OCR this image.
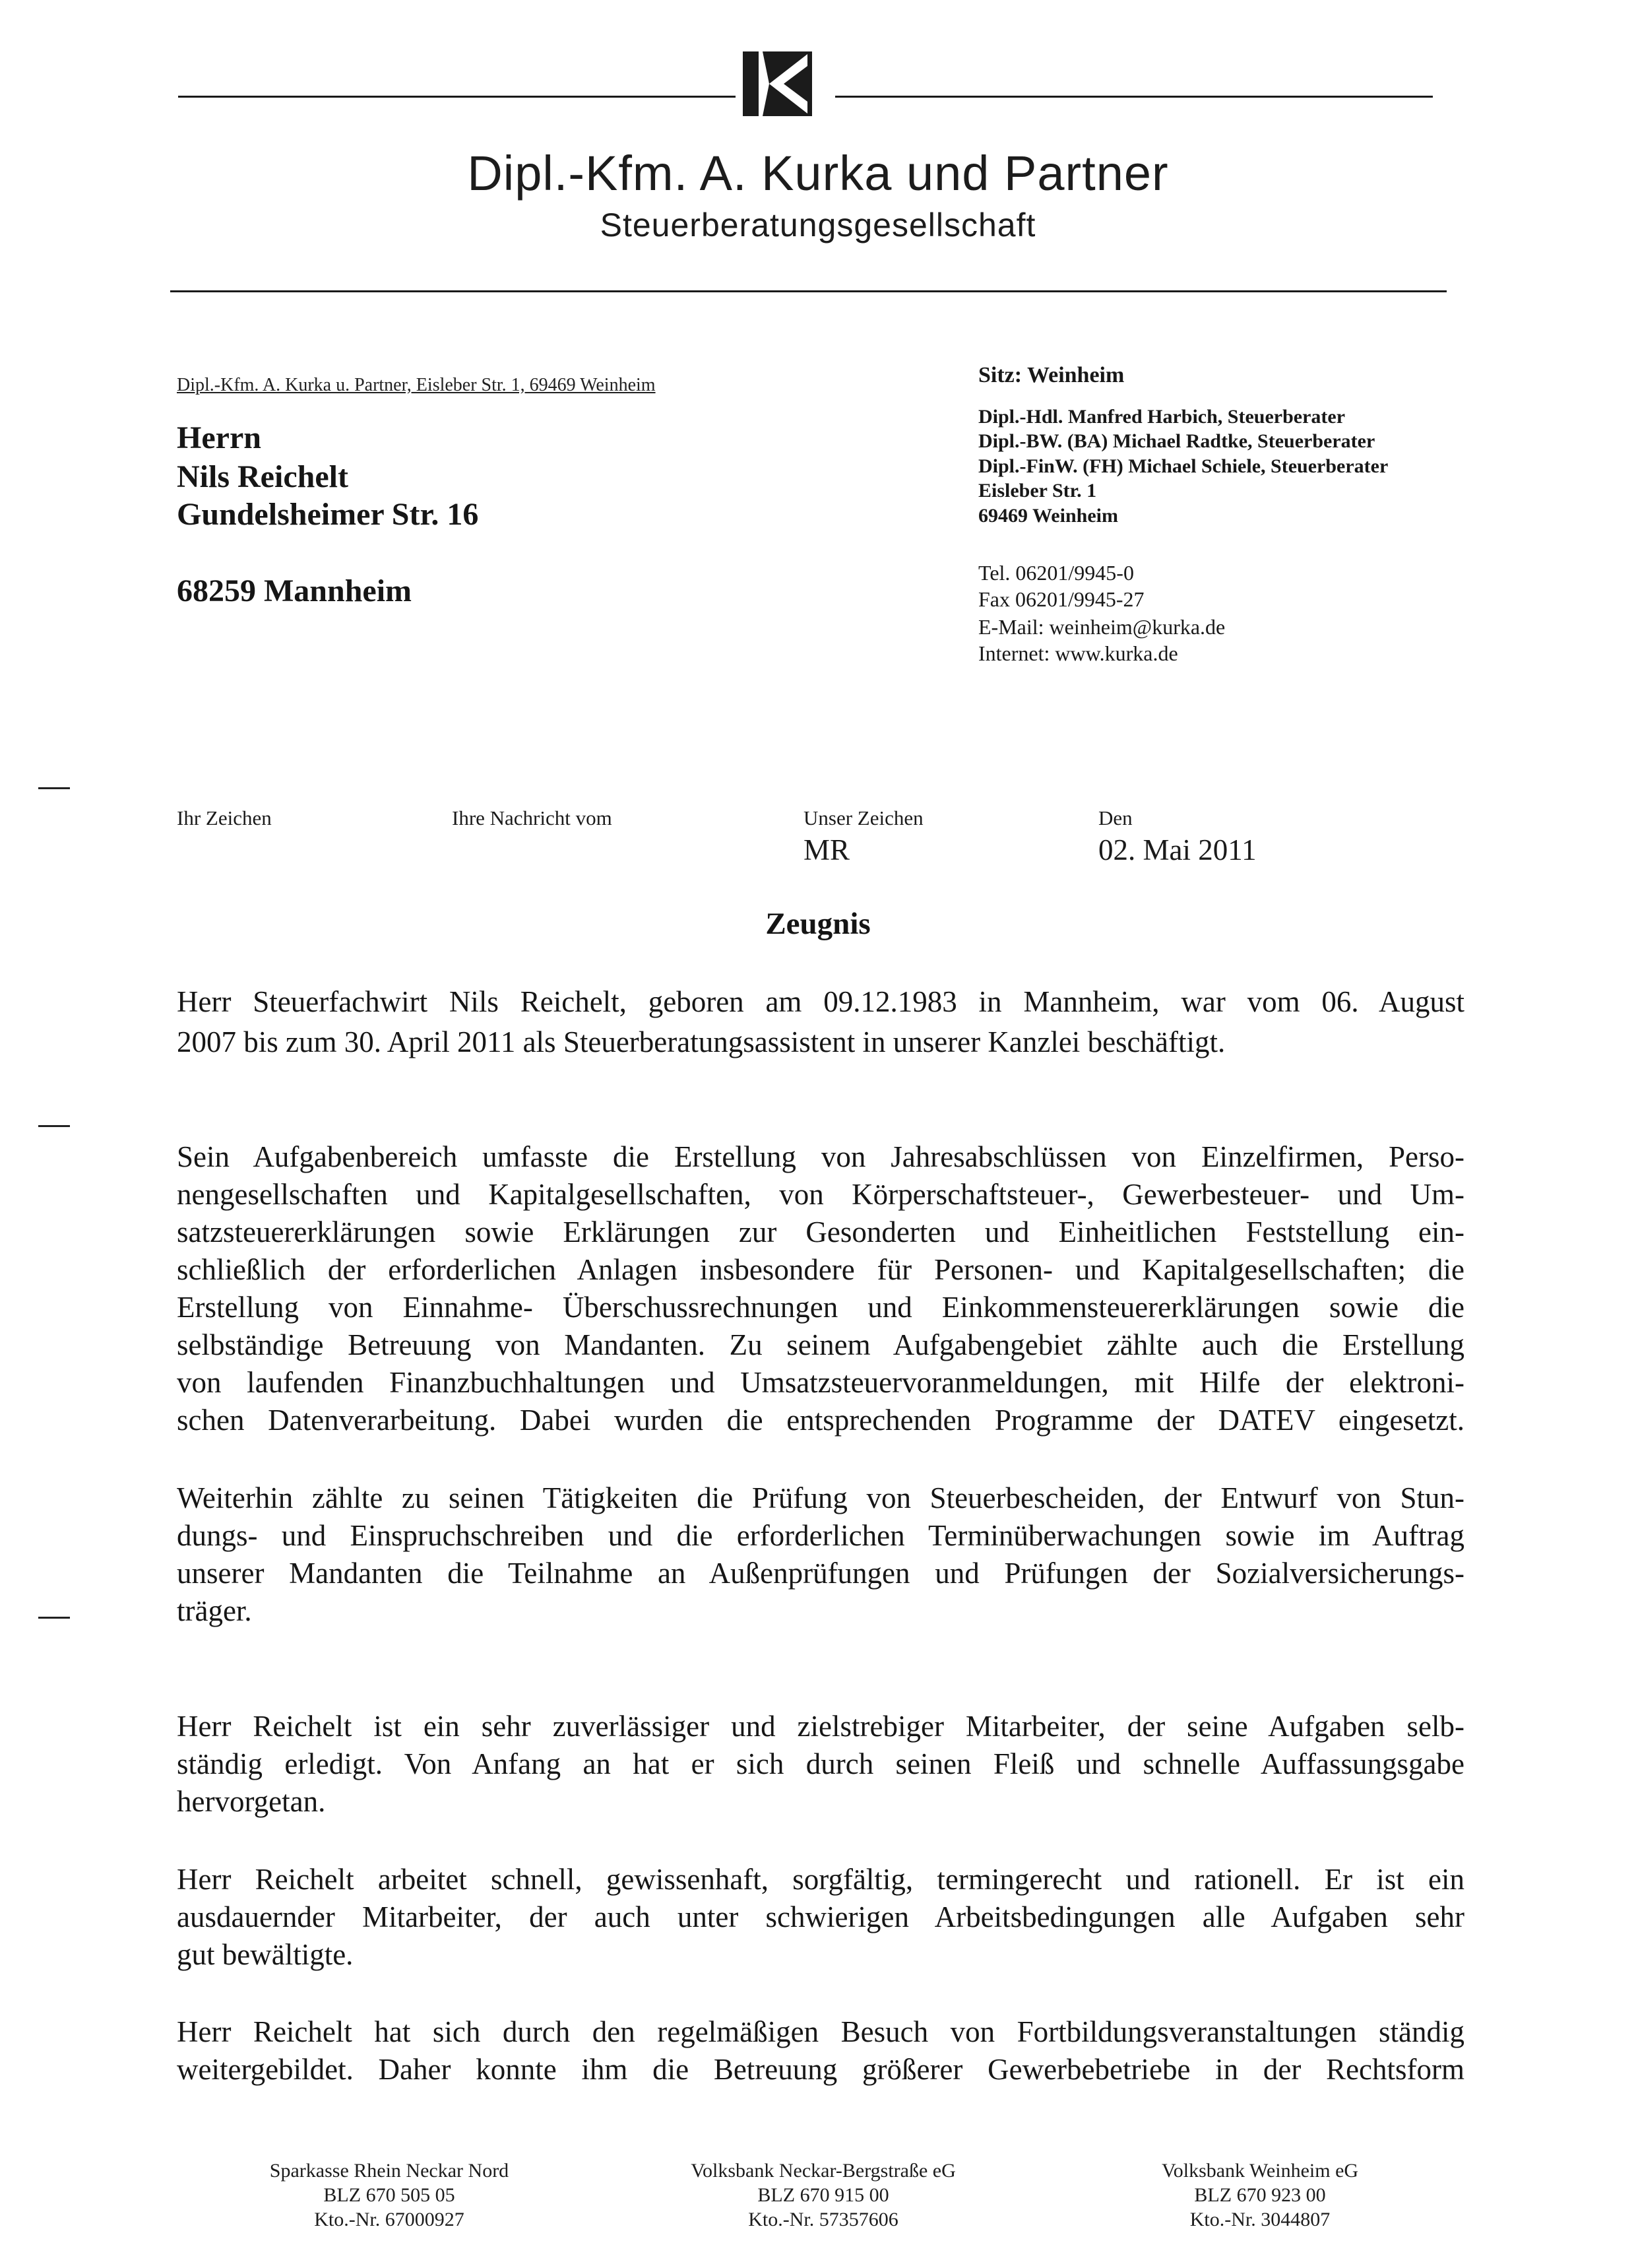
Dipl.-Kfm. A. Kurka und Partner
Steuerberatungsgesellschaft
Dipl.-Kfm. A. Kurka u. Partner, Eisleber Str. 1, 69469 Weinheim
Herrn
Nils Reichelt
Gundelsheimer Str. 16
68259 Mannheim
Sitz: Weinheim
Dipl.-Hdl. Manfred Harbich, Steuerberater
Dipl.-BW. (BA) Michael Radtke, Steuerberater
Dipl.-FinW. (FH) Michael Schiele, Steuerberater
Eisleber Str. 1
69469 Weinheim
Tel. 06201/9945-0
Fax 06201/9945-27
E-Mail: weinheim@kurka.de
Internet: www.kurka.de
Ihr Zeichen	Ihre Nachricht vom	Unser Zeichen
MR
Den
02. Mai 2011
Zeugnis
Herr Steuerfachwirt Nils Reichelt, geboren am 09.12.1983 in Mannheim, war vom 06. August
2007 bis zum 30. April 2011 als Steuerberatungsassistent in unserer Kanzlei beschäftigt.
Sein Aufgabenbereich umfasste die Erstellung von Jahresabschlüssen von Einzelfirmen, Perso-
nengesellschaften und Kapitalgesellschaften, von Körperschaftsteuer-, Gewerbesteuer- und Um-
satzsteuererklärungen sowie Erklärungen zur Gesonderten und Einheitlichen Feststellung ein-
schließlich der erforderlichen Anlagen insbesondere für Personen- und Kapitalgesellschaften; die
Erstellung von Einnahme- Überschussrechnungen und Einkommensteuererklärungen sowie die
selbständige Betreuung von Mandanten. Zu seinem Aufgabengebiet zählte auch die Erstellung
von laufenden Finanzbuchhaltungen und Umsatzsteuervoranmeldungen, mit Hilfe der elektroni-
schen Datenverarbeitung. Dabei wurden die entsprechenden Programme der DATEV eingesetzt.
Weiterhin zählte zu seinen Tätigkeiten die Prüfung von Steuerbescheiden, der Entwurf von Stun-
dungs- und Einspruchschreiben und die erforderlichen Terminüberwachungen sowie im Auftrag
unserer Mandanten die Teilnahme an Außenprüfungen und Prüfungen der Sozialversicherungs-
träger.
Herr Reichelt ist ein sehr zuverlässiger und zielstrebiger Mitarbeiter, der seine Aufgaben selb-
ständig erledigt. Von Anfang an hat er sich durch seinen Fleiß und schnelle Auffassungsgabe
hervorgetan.
Herr Reichelt arbeitet schnell, gewissenhaft, sorgfältig, termingerecht und rationell. Er ist ein
ausdauernder Mitarbeiter, der auch unter schwierigen Arbeitsbedingungen alle Aufgaben sehr
gut bewältigte.
Herr Reichelt hat sich durch den regelmäßigen Besuch von Fortbildungsveranstaltungen ständig
weitergebildet. Daher konnte ihm die Betreuung größerer Gewerbebetriebe in der Rechtsform
Sparkasse Rhein Neckar Nord
BLZ 670 505 05
Kto.-Nr. 67000927
Volksbank Neckar-Bergstraße eG
BLZ 670 915 00
Kto.-Nr. 57357606
Volksbank Weinheim eG
BLZ 670 923 00
Kto.-Nr. 3044807
